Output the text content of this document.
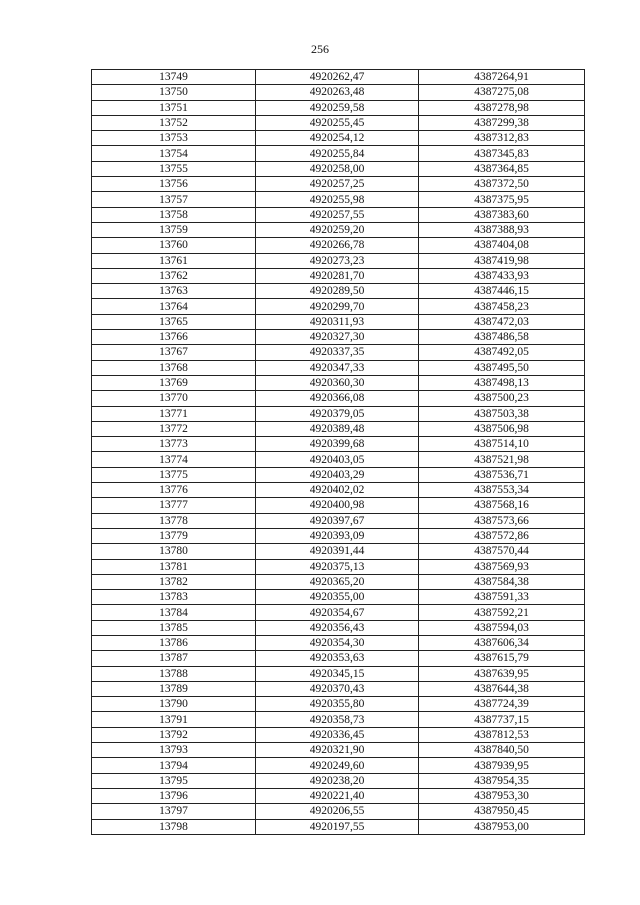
256
13749	4920262,47	4387264,91
13750	4920263,48	4387275,08
13751	4920259,58	4387278,98
13752	4920255,45	4387299,38
13753	4920254,12	4387312,83
13754	4920255,84	4387345,83
13755	4920258,00	4387364,85
13756	4920257,25	4387372,50
13757	4920255,98	4387375,95
13758	4920257,55	4387383,60
13759	4920259,20	4387388,93
13760	4920266,78	4387404,08
13761	4920273,23	4387419,98
13762	4920281,70	4387433,93
13763	4920289,50	4387446,15
13764	4920299,70	4387458,23
13765	4920311,93	4387472,03
13766	4920327,30	4387486,58
13767	4920337,35	4387492,05
13768	4920347,33	4387495,50
13769	4920360,30	4387498,13
13770	4920366,08	4387500,23
13771	4920379,05	4387503,38
13772	4920389,48	4387506,98
13773	4920399,68	4387514,10
13774	4920403,05	4387521,98
13775	4920403,29	4387536,71
13776	4920402,02	4387553,34
13777	4920400,98	4387568,16
13778	4920397,67	4387573,66
13779	4920393,09	4387572,86
13780	4920391,44	4387570,44
13781	4920375,13	4387569,93
13782	4920365,20	4387584,38
13783	4920355,00	4387591,33
13784	4920354,67	4387592,21
13785	4920356,43	4387594,03
13786	4920354,30	4387606,34
13787	4920353,63	4387615,79
13788	4920345,15	4387639,95
13789	4920370,43	4387644,38
13790	4920355,80	4387724,39
13791	4920358,73	4387737,15
13792	4920336,45	4387812,53
13793	4920321,90	4387840,50
13794	4920249,60	4387939,95
13795	4920238,20	4387954,35
13796	4920221,40	4387953,30
13797	4920206,55	4387950,45
13798	4920197,55	4387953,00
